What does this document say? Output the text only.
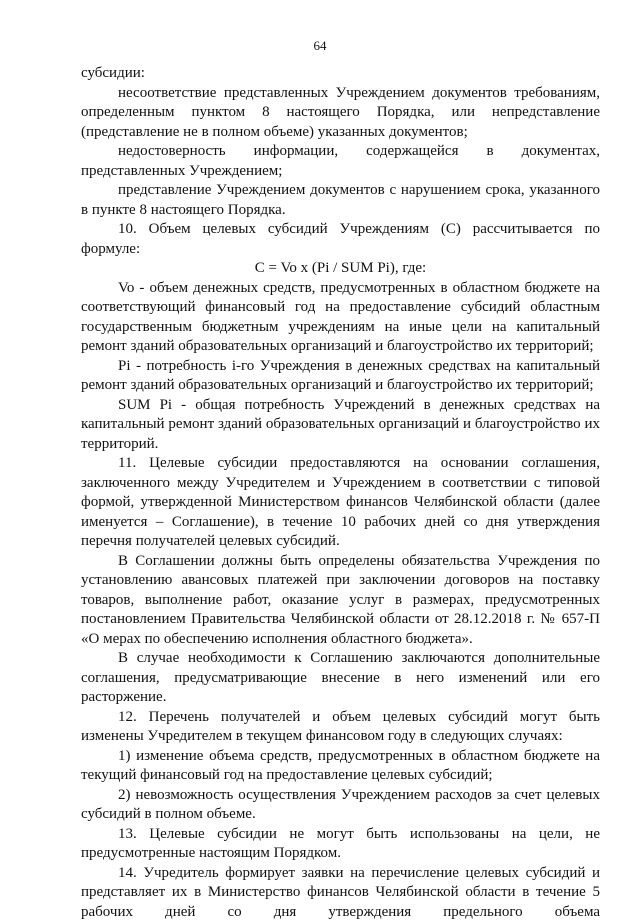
64

субсидии:

несоответствие представленных Учреждением документов требованиям, определенным пунктом 8 настоящего Порядка, или непредставление (представление не в полном объеме) указанных документов;

недостоверность информации, содержащейся в документах, представленных Учреждением;

представление Учреждением документов с нарушением срока, указанного в пункте 8 настоящего Порядка.

10. Объем целевых субсидий Учреждениям (С) рассчитывается по формуле:

C = Vo x (Pi / SUM Pi), где:

Vo - объем денежных средств, предусмотренных в областном бюджете на соответствующий финансовый год на предоставление субсидий областным государственным бюджетным учреждениям на иные цели на капитальный ремонт зданий образовательных организаций и благоустройство их территорий;

Pi - потребность i-го Учреждения в денежных средствах на капитальный ремонт зданий образовательных организаций и благоустройство их территорий;

SUM Pi - общая потребность Учреждений в денежных средствах на капитальный ремонт зданий образовательных организаций и благоустройство их территорий.

11. Целевые субсидии предоставляются на основании соглашения, заключенного между Учредителем и Учреждением в соответствии с типовой формой, утвержденной Министерством финансов Челябинской области (далее именуется – Соглашение), в течение 10 рабочих дней со дня утверждения перечня получателей целевых субсидий.

В Соглашении должны быть определены обязательства Учреждения по установлению авансовых платежей при заключении договоров на поставку товаров, выполнение работ, оказание услуг в размерах, предусмотренных постановлением Правительства Челябинской области от 28.12.2018 г. № 657-П «О мерах по обеспечению исполнения областного бюджета».

В случае необходимости к Соглашению заключаются дополнительные соглашения, предусматривающие внесение в него изменений или его расторжение.

12. Перечень получателей и объем целевых субсидий могут быть изменены Учредителем в текущем финансовом году в следующих случаях:

1) изменение объема средств, предусмотренных в областном бюджете на текущий финансовый год на предоставление целевых субсидий;

2) невозможность осуществления Учреждением расходов за счет целевых субсидий в полном объеме.

13. Целевые субсидии не могут быть использованы на цели, не предусмотренные настоящим Порядком.

14. Учредитель формирует заявки на перечисление целевых субсидий и представляет их в Министерство финансов Челябинской области в течение 5 рабочих дней со дня утверждения предельного объема
